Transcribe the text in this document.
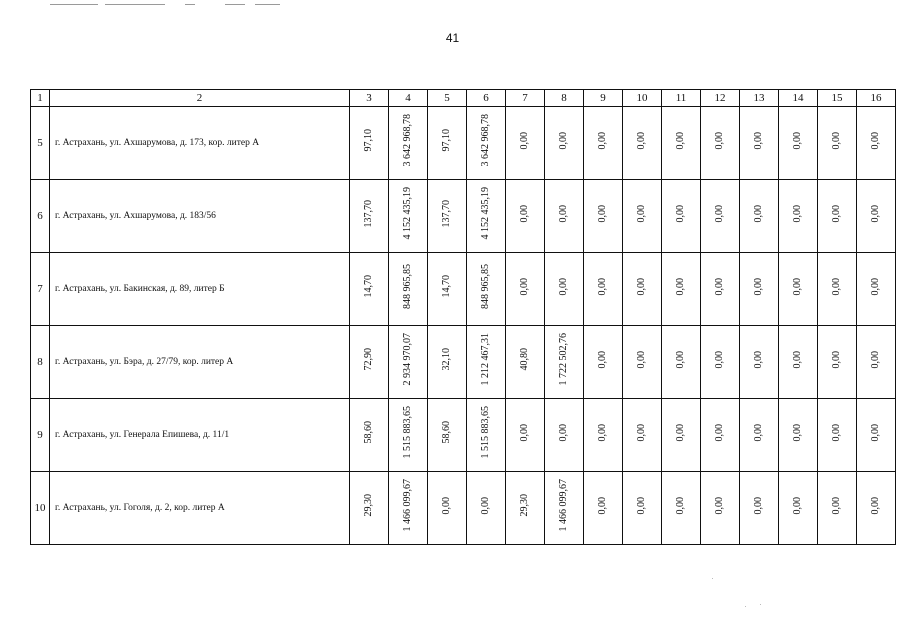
41
1	2	3	4	5	6	7	8	9	10	11	12	13	14	15	16
5	г. Астрахань, ул. Ахшарумова, д. 173, кор. литер А	97,10	3 642 968,78	97,10	3 642 968,78	0,00	0,00	0,00	0,00	0,00	0,00	0,00	0,00	0,00	0,00
6	г. Астрахань, ул. Ахшарумова, д. 183/56	137,70	4 152 435,19	137,70	4 152 435,19	0,00	0,00	0,00	0,00	0,00	0,00	0,00	0,00	0,00	0,00
7	г. Астрахань, ул. Бакинская, д. 89, литер Б	14,70	848 965,85	14,70	848 965,85	0,00	0,00	0,00	0,00	0,00	0,00	0,00	0,00	0,00	0,00
8	г. Астрахань, ул. Бэра, д. 27/79, кор. литер А	72,90	2 934 970,07	32,10	1 212 467,31	40,80	1 722 502,76	0,00	0,00	0,00	0,00	0,00	0,00	0,00	0,00
9	г. Астрахань, ул. Генерала Епишева, д. 11/1	58,60	1 515 883,65	58,60	1 515 883,65	0,00	0,00	0,00	0,00	0,00	0,00	0,00	0,00	0,00	0,00
10	г. Астрахань, ул. Гоголя, д. 2, кор. литер А	29,30	1 466 099,67	0,00	0,00	29,30	1 466 099,67	0,00	0,00	0,00	0,00	0,00	0,00	0,00	0,00
